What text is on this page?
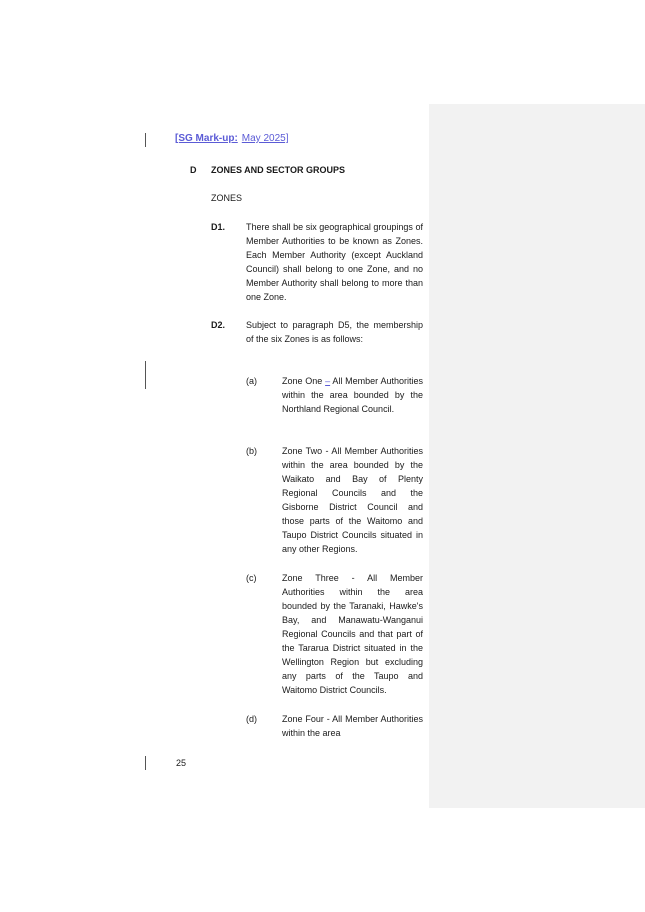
[SG Mark-up: May 2025]
D ZONES AND SECTOR GROUPS
ZONES
D1. There shall be six geographical groupings of Member Authorities to be known as Zones. Each Member Authority (except Auckland Council) shall belong to one Zone, and no Member Authority shall belong to more than one Zone.
D2. Subject to paragraph D5, the membership of the six Zones is as follows:
(a)	Zone One – All Member Authorities within the area bounded by the Northland Regional Council.
(b)	Zone Two - All Member Authorities within the area bounded by the Waikato and Bay of Plenty Regional Councils and the Gisborne District Council and those parts of the Waitomo and Taupo District Councils situated in any other Regions.
(c)	Zone Three - All Member Authorities within the area bounded by the Taranaki, Hawke's Bay, and Manawatu-Wanganui Regional Councils and that part of the Tararua District situated in the Wellington Region but excluding any parts of the Taupo and Waitomo District Councils.
(d)	Zone Four - All Member Authorities within the area
25
